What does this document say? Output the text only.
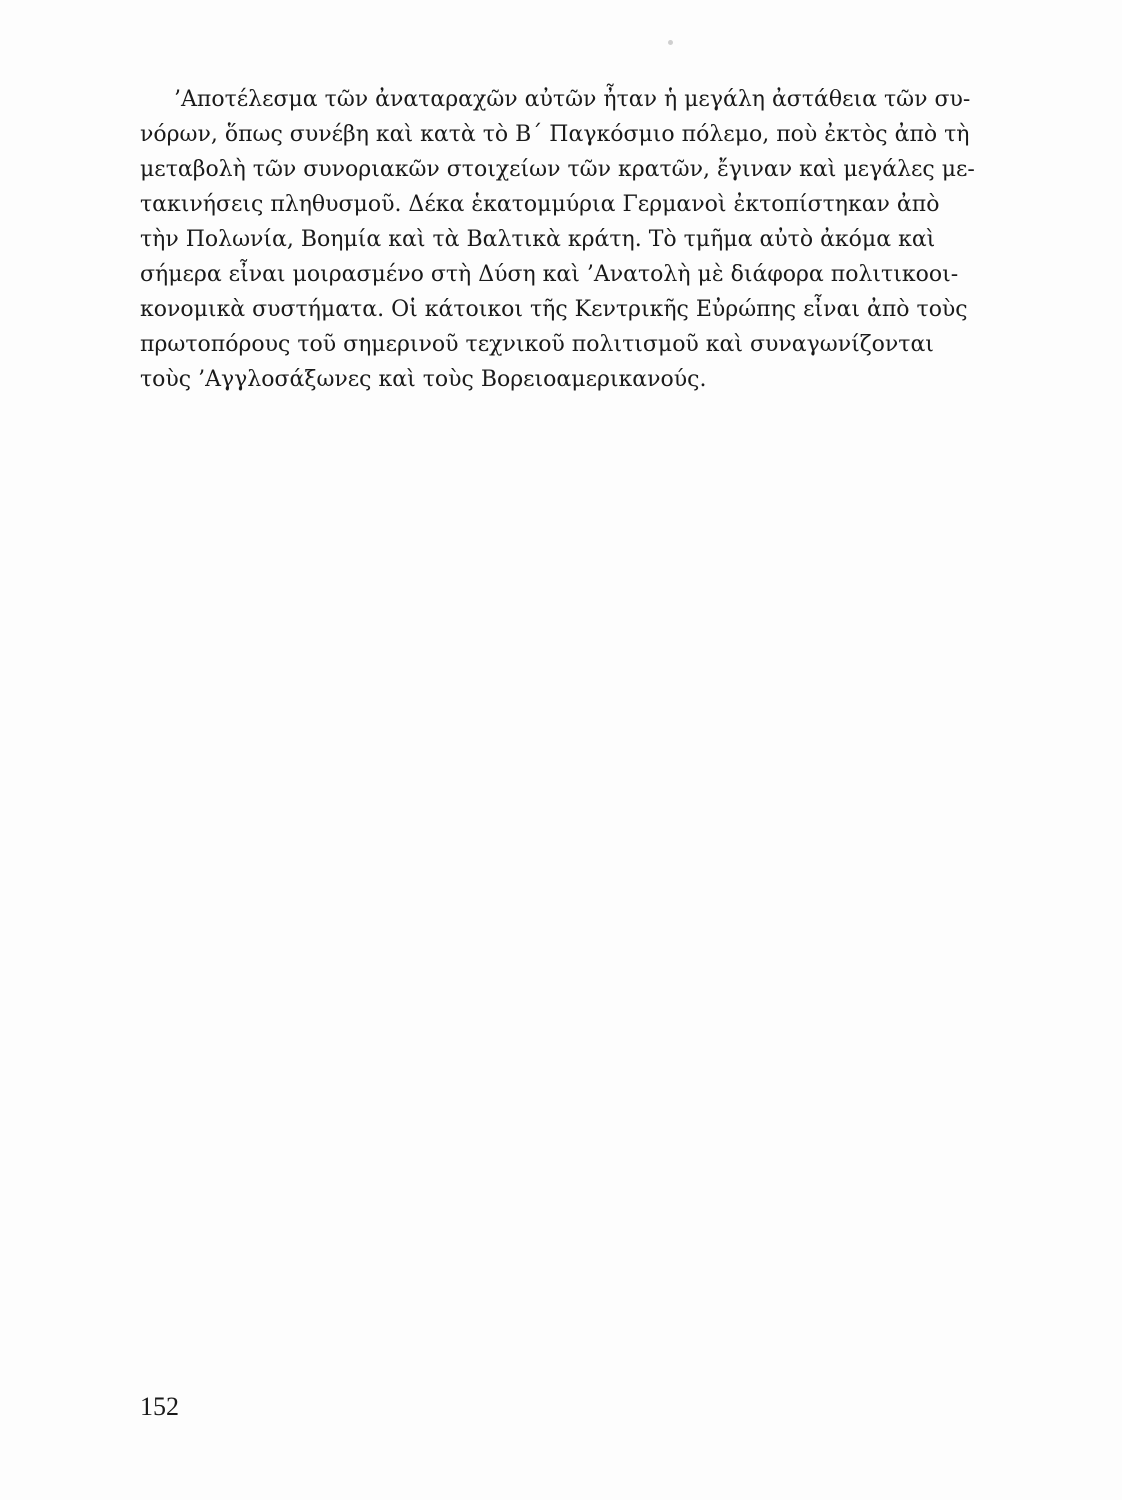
’Αποτέλεσμα τῶν ἀναταραχῶν αὐτῶν ἦταν ἡ μεγάλη ἀστάθεια τῶν συ-
νόρων, ὅπως συνέβη καὶ κατὰ τὸ Β΄ Παγκόσμιο πόλεμο, ποὺ ἐκτὸς ἀπὸ τὴ
μεταβολὴ τῶν συνοριακῶν στοιχείων τῶν κρατῶν, ἔγιναν καὶ μεγάλες με-
τακινήσεις πληθυσμοῦ. Δέκα ἑκατομμύρια Γερμανοὶ ἐκτοπίστηκαν ἀπὸ
τὴν Πολωνία, Βοημία καὶ τὰ Βαλτικὰ κράτη. Τὸ τμῆμα αὐτὸ ἀκόμα καὶ
σήμερα εἶναι μοιρασμένο στὴ Δύση καὶ ’Ανατολὴ μὲ διάφορα πολιτικοοι-
κονομικὰ συστήματα. Οἱ κάτοικοι τῆς Κεντρικῆς Εὐρώπης εἶναι ἀπὸ τοὺς
πρωτοπόρους τοῦ σημερινοῦ τεχνικοῦ πολιτισμοῦ καὶ συναγωνίζονται
τοὺς ’Αγγλοσάξωνες καὶ τοὺς Βορειοαμερικανούς.
152
